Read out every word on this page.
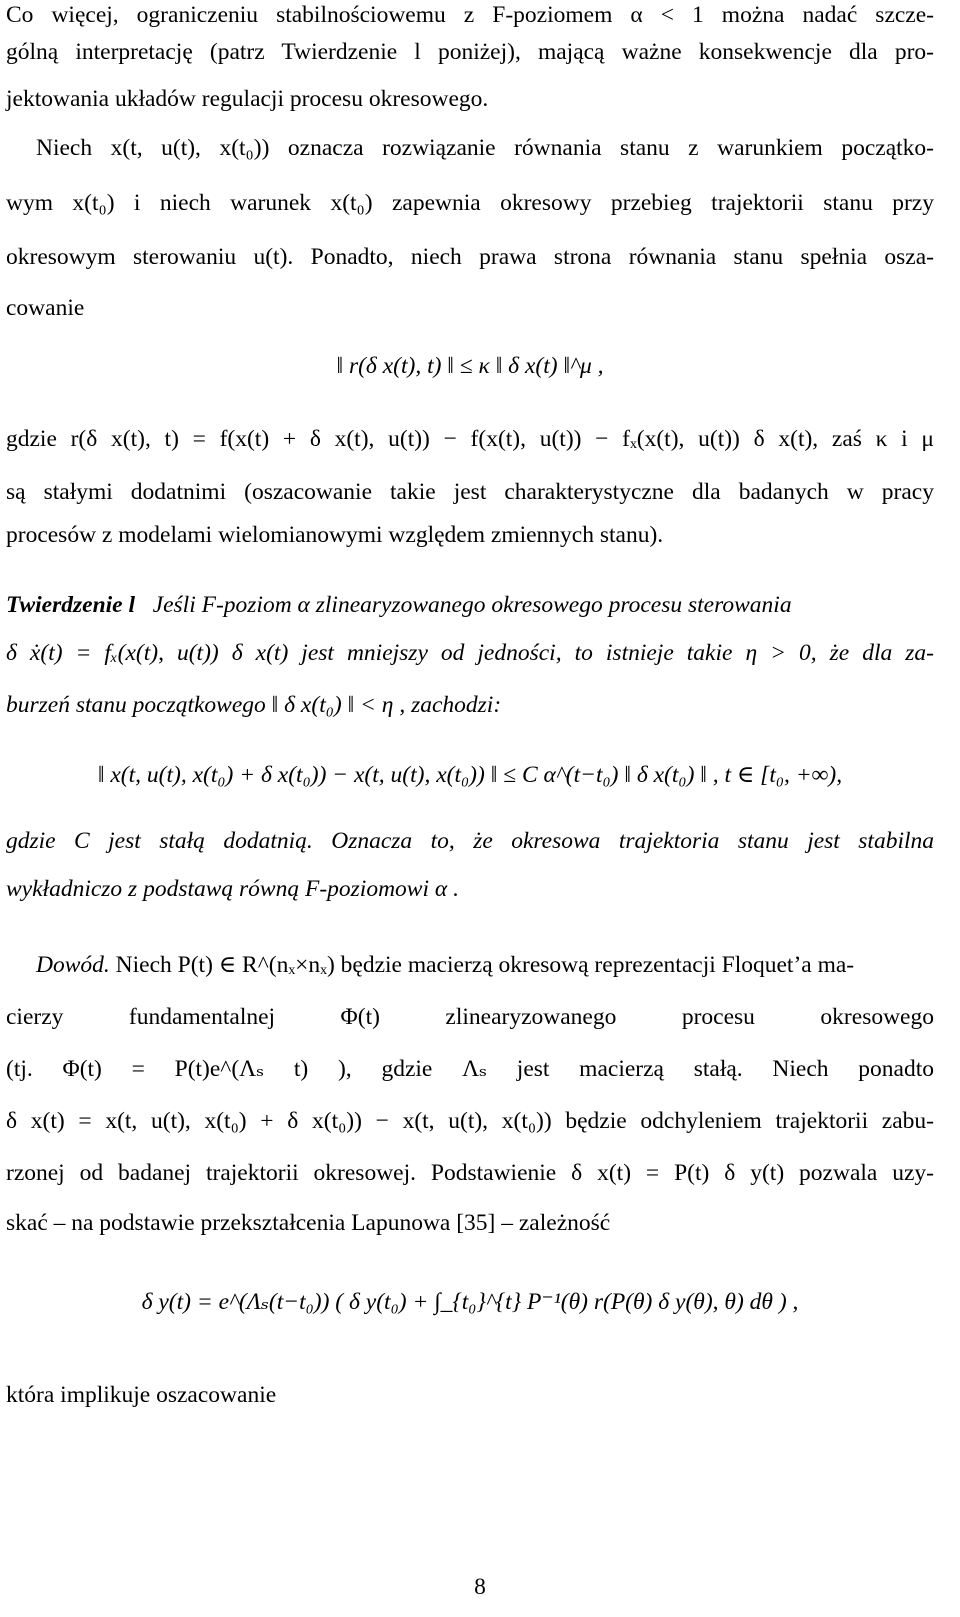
Co więcej, ograniczeniu stabilnościowemu z F-poziomem α < 1 można nadać szcze-
gólną interpretację (patrz Twierdzenie l poniżej), mającą ważne konsekwencje dla pro-
jektowania układów regulacji procesu okresowego.
Niech x(t, u(t), x(t₀)) oznacza rozwiązanie równania stanu z warunkiem początko-
wym x(t₀) i niech warunek x(t₀) zapewnia okresowy przebieg trajektorii stanu przy
okresowym sterowaniu u(t). Ponadto, niech prawa strona równania stanu spełnia osza-
cowanie
‖ r(δ x(t), t) ‖ ≤ κ ‖ δ x(t) ‖^μ ,
gdzie r(δ x(t), t) = f(x(t) + δ x(t), u(t)) − f(x(t), u(t)) − fₓ(x(t), u(t)) δ x(t), zaś κ i μ
są stałymi dodatnimi (oszacowanie takie jest charakterystyczne dla badanych w pracy
procesów z modelami wielomianowymi względem zmiennych stanu).
Twierdzenie l Jeśli F-poziom α zlinearyzowanego okresowego procesu sterowania
δ ẋ(t) = fₓ(x(t), u(t)) δ x(t) jest mniejszy od jedności, to istnieje takie η > 0, że dla za-
burzeń stanu początkowego ‖ δ x(t₀) ‖ < η , zachodzi:
‖ x(t, u(t), x(t₀) + δ x(t₀)) − x(t, u(t), x(t₀)) ‖ ≤ C α^(t−t₀) ‖ δ x(t₀) ‖ , t ∈ [t₀, +∞),
gdzie C jest stałą dodatnią. Oznacza to, że okresowa trajektoria stanu jest stabilna
wykładniczo z podstawą równą F-poziomowi α .
Dowód. Niech P(t) ∈ R^(nₓ×nₓ) będzie macierzą okresową reprezentacji Floquet’a ma-
cierzy fundamentalnej Φ(t) zlinearyzowanego procesu okresowego
(tj. Φ(t) = P(t)e^(Λₛ t) ), gdzie Λₛ jest macierzą stałą. Niech ponadto
δ x(t) = x(t, u(t), x(t₀) + δ x(t₀)) − x(t, u(t), x(t₀)) będzie odchyleniem trajektorii zabu-
rzonej od badanej trajektorii okresowej. Podstawienie δ x(t) = P(t) δ y(t) pozwala uzy-
skać – na podstawie przekształcenia Lapunowa [35] – zależność
δ y(t) = e^(Λₛ(t−t₀)) ( δ y(t₀) + ∫_{t₀}^{t} P⁻¹(θ) r(P(θ) δ y(θ), θ) dθ ) ,
która implikuje oszacowanie
8
